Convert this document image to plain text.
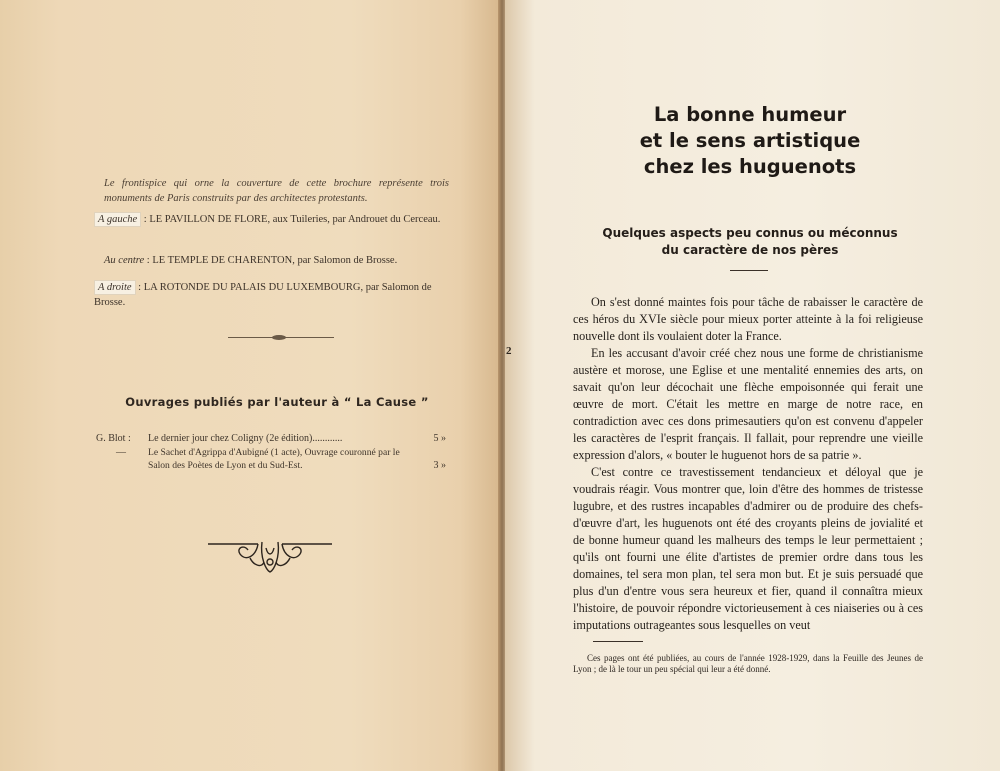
Le frontispice qui orne la couverture de cette brochure représente trois monuments de Paris construits par des architectes protestants.
A gauche : LE PAVILLON DE FLORE, aux Tuileries, par Androuet du Cerceau.
Au centre : LE TEMPLE DE CHARENTON, par Salomon de Brosse.
A droite : LA ROTONDE DU PALAIS DU LUXEMBOURG, par Salomon de Brosse.
Ouvrages publiés par l'auteur à “ La Cause ”
G. Blot :	Le dernier jour chez Coligny (2e édition)............	5 »
—	Le Sachet d'Agrippa d'Aubigné (1 acte), Ouvrage couronné par le Salon des Poètes de Lyon et du Sud-Est.	3 »
2
La bonne humeur
et le sens artistique
chez les huguenots
Quelques aspects peu connus ou méconnus
du caractère de nos pères

On s'est donné maintes fois pour tâche de rabaisser le caractère de ces héros du XVIe siècle pour mieux porter atteinte à la foi religieuse nouvelle dont ils voulaient doter la France.

En les accusant d'avoir créé chez nous une forme de christianisme austère et morose, une Eglise et une mentalité ennemies des arts, on savait qu'on leur décochait une flèche empoisonnée qui ferait une œuvre de mort. C'était les mettre en marge de notre race, en contradiction avec ces dons primesautiers qu'on est convenu d'appeler les caractères de l'esprit français. Il fallait, pour reprendre une vieille expression d'alors, « bouter le huguenot hors de sa patrie ».

C'est contre ce travestissement tendancieux et déloyal que je voudrais réagir. Vous montrer que, loin d'être des hommes de tristesse lugubre, et des rustres incapables d'admirer ou de produire des chefs-d'œuvre d'art, les huguenots ont été des croyants pleins de jovialité et de bonne humeur quand les malheurs des temps le leur permettaient ; qu'ils ont fourni une élite d'artistes de premier ordre dans tous les domaines, tel sera mon plan, tel sera mon but. Et je suis persuadé que plus d'un d'entre vous sera heureux et fier, quand il connaîtra mieux l'histoire, de pouvoir répondre victorieusement à ces niaiseries ou à ces imputations outrageantes sous lesquelles on veut

Ces pages ont été publiées, au cours de l'année 1928-1929, dans la Feuille des Jeunes de Lyon ; de là le tour un peu spécial qui leur a été donné.
